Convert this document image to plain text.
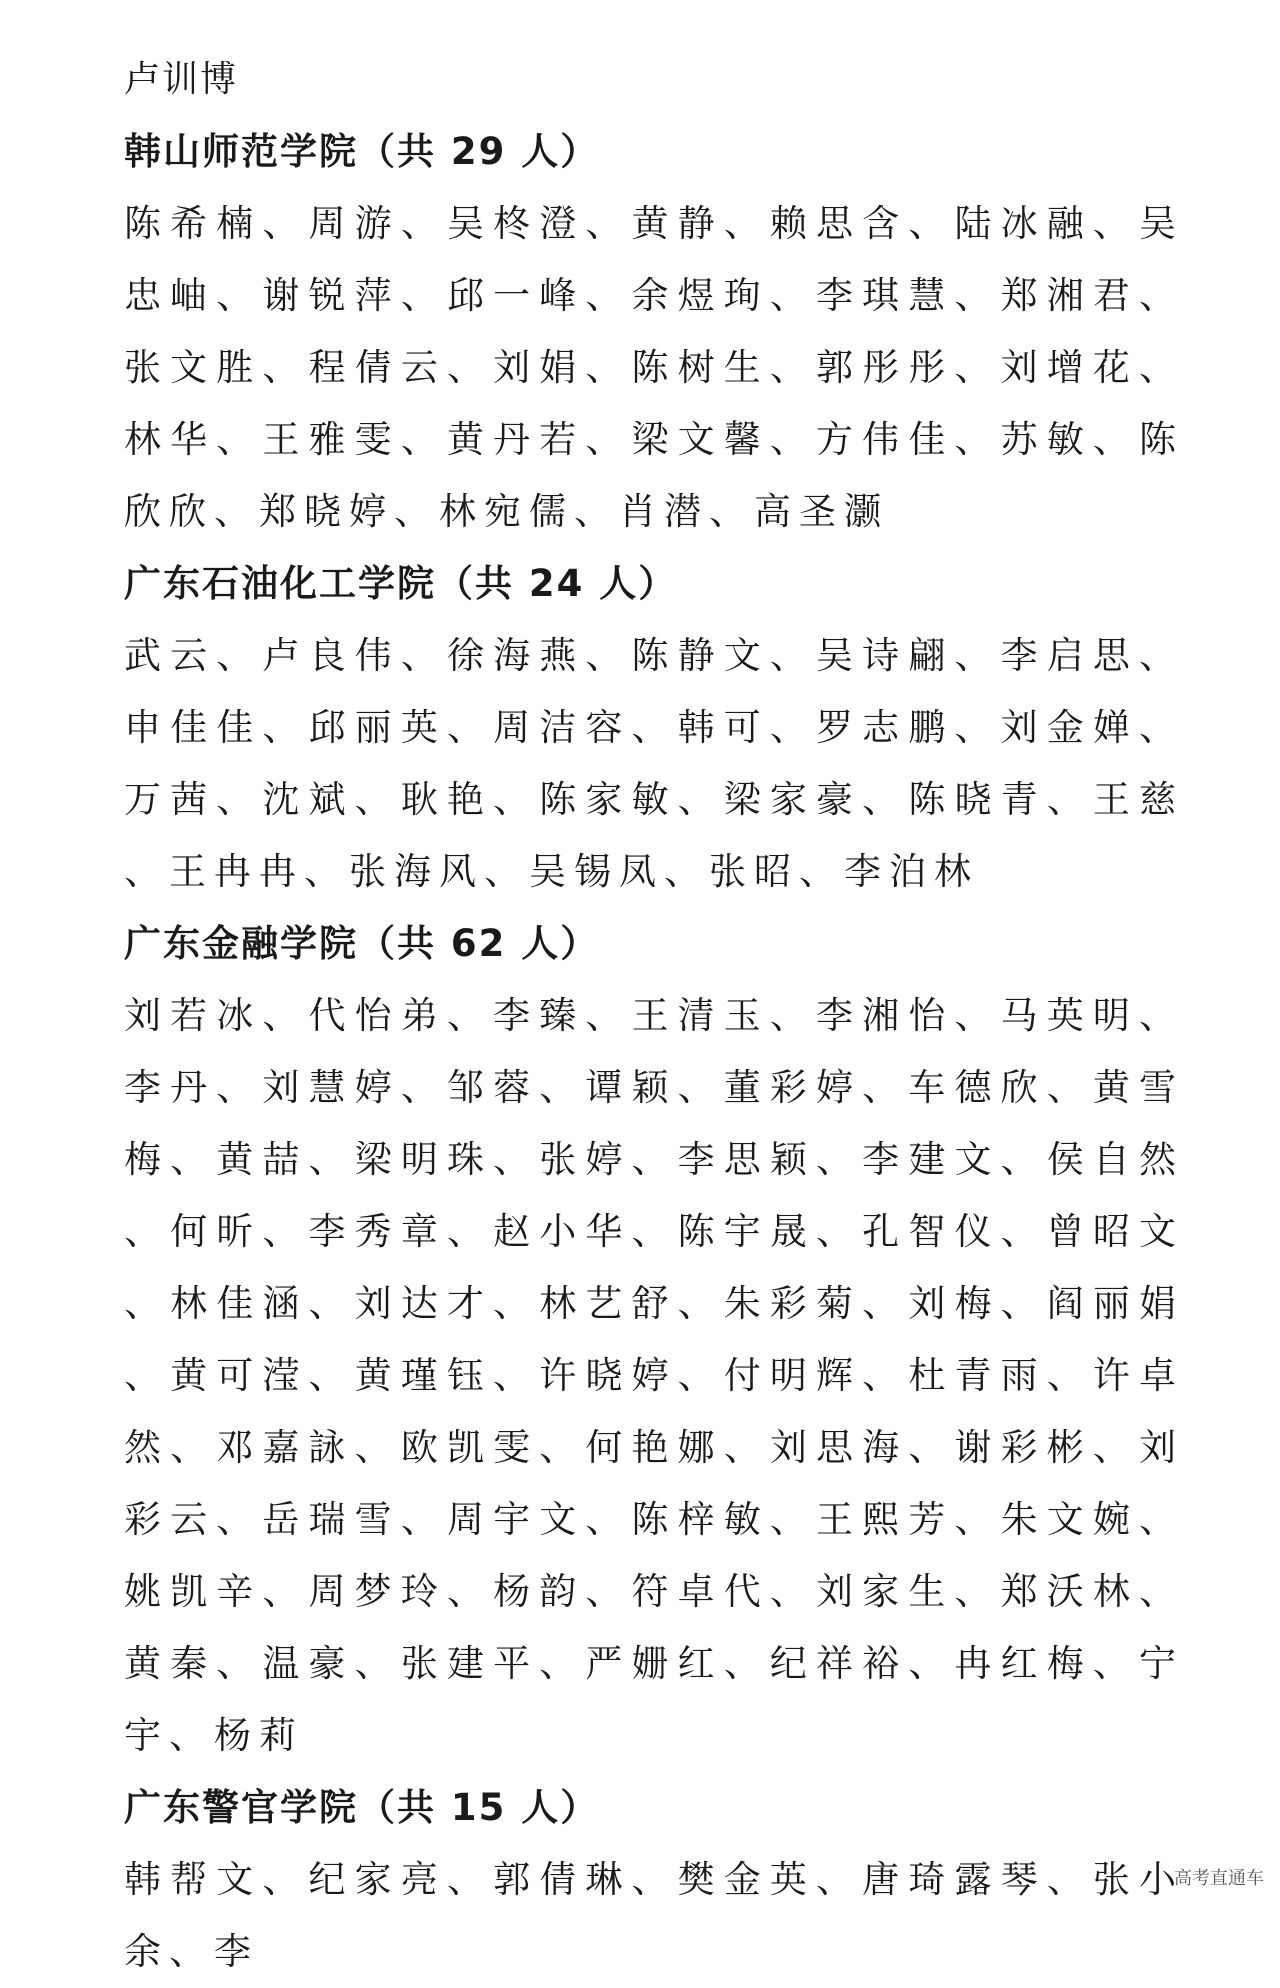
卢训博
韩山师范学院（共 29 人）
陈希楠、周游、吴柊澄、黄静、赖思含、陆冰融、吴忠岫、谢锐萍、邱一峰、余煜珣、李琪慧、郑湘君、张文胜、程倩云、刘娟、陈树生、郭彤彤、刘增花、林华、王雅雯、黄丹若、梁文馨、方伟佳、苏敏、陈欣欣、郑晓婷、林宛儒、肖潜、高圣灏
广东石油化工学院（共 24 人）
武云、卢良伟、徐海燕、陈静文、吴诗翩、李启思、申佳佳、邱丽英、周洁容、韩可、罗志鹏、刘金婵、万茜、沈斌、耿艳、陈家敏、梁家豪、陈晓青、王慈、王冉冉、张海风、吴锡凤、张昭、李泊林
广东金融学院（共 62 人）
刘若冰、代怡弟、李臻、王清玉、李湘怡、马英明、李丹、刘慧婷、邹蓉、谭颖、董彩婷、车德欣、黄雪梅、黄喆、梁明珠、张婷、李思颖、李建文、侯自然、何昕、李秀章、赵小华、陈宇晟、孔智仪、曾昭文、林佳涵、刘达才、林艺舒、朱彩菊、刘梅、阎丽娟、黄可滢、黄瑾钰、许晓婷、付明辉、杜青雨、许卓然、邓嘉詠、欧凯雯、何艳娜、刘思海、谢彩彬、刘彩云、岳瑞雪、周宇文、陈梓敏、王熙芳、朱文婉、姚凯辛、周梦玲、杨韵、符卓代、刘家生、郑沃林、黄秦、温豪、张建平、严姗红、纪祥裕、冉红梅、宁宇、杨莉
广东警官学院（共 15 人）
韩帮文、纪家亮、郭倩琳、樊金英、唐琦露琴、张小余、李
高考直通车
